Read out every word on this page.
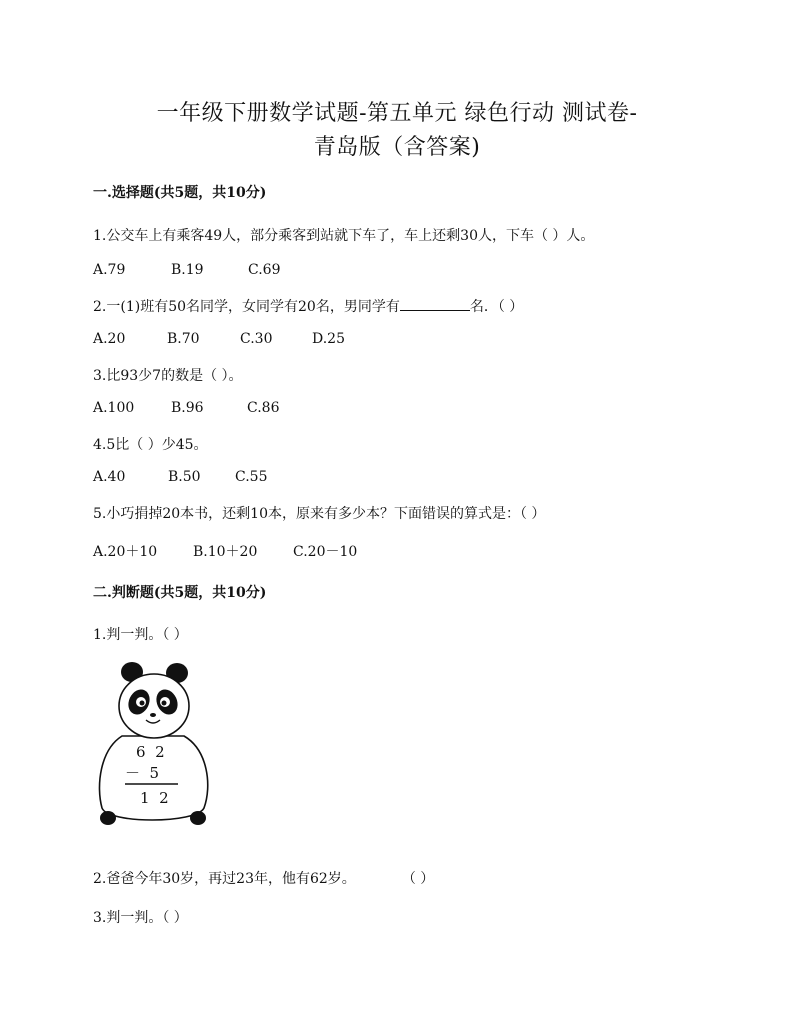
一年级下册数学试题-第五单元 绿色行动 测试卷-
青岛版（含答案)
一.选择题(共5题，共10分)
1.公交车上有乘客49人，部分乘客到站就下车了，车上还剩30人，下车（ ）人。
A.79	B.19	C.69
2.一(1)班有50名同学，女同学有20名，男同学有	名．（ ）
A.20	B.70	C.30	D.25
3.比93少7的数是（ ）。
A.100	B.96	C.86
4.5比（ ）少45。
A.40	B.50 C.55
5.小巧捐掉20本书，还剩10本，原来有多少本？下面错误的算式是：（ ）
A.20＋10	B.10＋20	C.20－10
二.判断题(共5题，共10分)
1.判一判。（ ）
6  2
－  5
1  2
2.爸爸今年30岁，再过23年，他有62岁。	（ ）
3.判一判。（ ）
